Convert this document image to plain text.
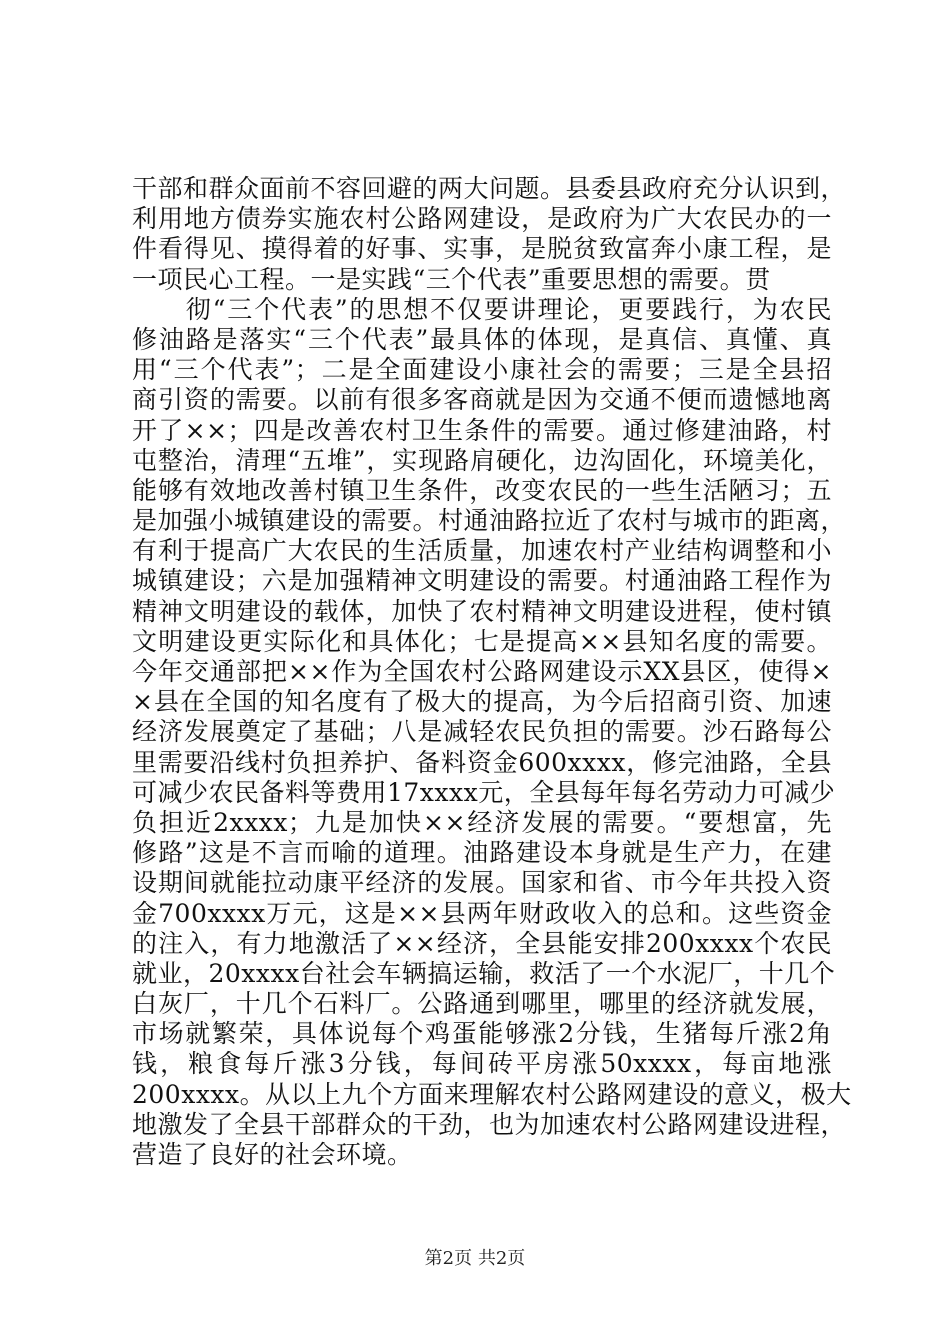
干部和群众面前不容回避的两大问题。县委县政府充分认识到，
利用地方债券实施农村公路网建设，是政府为广大农民办的一
件看得见、摸得着的好事、实事，是脱贫致富奔小康工程，是
一项民心工程。一是实践“三个代表”重要思想的需要。贯
　　彻“三个代表”的思想不仅要讲理论，更要践行，为农民
修油路是落实“三个代表”最具体的体现，是真信、真懂、真
用“三个代表”；二是全面建设小康社会的需要；三是全县招
商引资的需要。以前有很多客商就是因为交通不便而遗憾地离
开了××；四是改善农村卫生条件的需要。通过修建油路，村
屯整治，清理“五堆”，实现路肩硬化，边沟固化，环境美化，
能够有效地改善村镇卫生条件，改变农民的一些生活陋习；五
是加强小城镇建设的需要。村通油路拉近了农村与城市的距离，
有利于提高广大农民的生活质量，加速农村产业结构调整和小
城镇建设；六是加强精神文明建设的需要。村通油路工程作为
精神文明建设的载体，加快了农村精神文明建设进程，使村镇
文明建设更实际化和具体化；七是提高××县知名度的需要。
今年交通部把××作为全国农村公路网建设示XX县区，使得×
×县在全国的知名度有了极大的提高，为今后招商引资、加速
经济发展奠定了基础；八是减轻农民负担的需要。沙石路每公
里需要沿线村负担养护、备料资金600xxxx，修完油路，全县
可减少农民备料等费用17xxxx元，全县每年每名劳动力可减少
负担近2xxxx；九是加快××经济发展的需要。“要想富，先
修路”这是不言而喻的道理。油路建设本身就是生产力，在建
设期间就能拉动康平经济的发展。国家和省、市今年共投入资
金700xxxx万元，这是××县两年财政收入的总和。这些资金
的注入，有力地激活了××经济，全县能安排200xxxx个农民
就业，20xxxx台社会车辆搞运输，救活了一个水泥厂，十几个
白灰厂，十几个石料厂。公路通到哪里，哪里的经济就发展，
市场就繁荣，具体说每个鸡蛋能够涨2分钱，生猪每斤涨2角
钱，粮食每斤涨3分钱，每间砖平房涨50xxxx，每亩地涨
200xxxx。从以上九个方面来理解农村公路网建设的意义，极大
地激发了全县干部群众的干劲，也为加速农村公路网建设进程，
营造了良好的社会环境。
第2页 共2页
